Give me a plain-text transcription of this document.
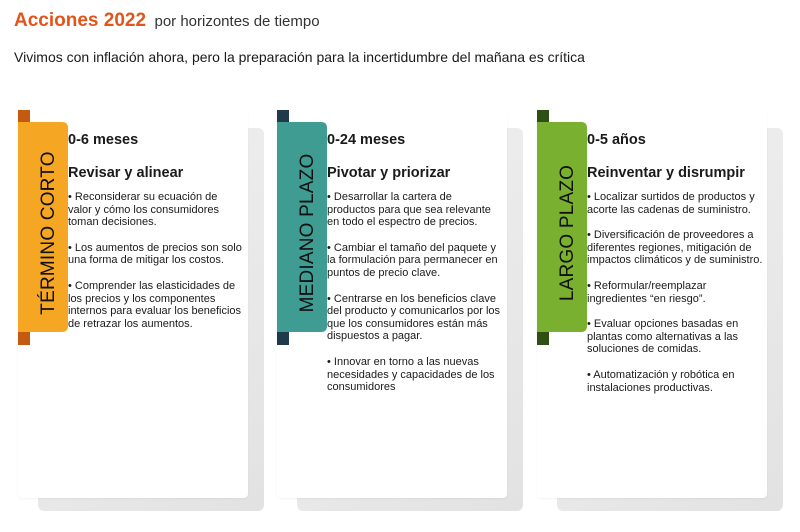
Acciones 2022 por horizontes de tiempo
Vivimos con inflación ahora, pero la preparación para la incertidumbre del mañana es crítica
TÉRMINO CORTO
0-6 meses
Revisar y alinear
• Reconsiderar su ecuación de valor y cómo los consumidores toman decisiones.
• Los aumentos de precios son solo una forma de mitigar los costos.
• Comprender las elasticidades de los precios y los componentes internos para evaluar los beneficios de retrazar los aumentos.
MEDIANO PLAZO
0-24 meses
Pivotar y priorizar
• Desarrollar la cartera de productos para que sea relevante en todo el espectro de precios.
• Cambiar el tamaño del paquete y la formulación para permanecer en puntos de precio clave.
• Centrarse en los beneficios clave del producto y comunicarlos por los que los consumidores están más dispuestos a pagar.
• Innovar en torno a las nuevas necesidades y capacidades de los consumidores
LARGO PLAZO
0-5 años
Reinventar y disrumpir
• Localizar surtidos de productos y acorte las cadenas de suministro.
• Diversificación de proveedores a diferentes regiones, mitigación de impactos climáticos y de suministro.
• Reformular/reemplazar ingredientes “en riesgo”.
• Evaluar opciones basadas en plantas como alternativas a las soluciones de comidas.
• Automatización y robótica en instalaciones productivas.
